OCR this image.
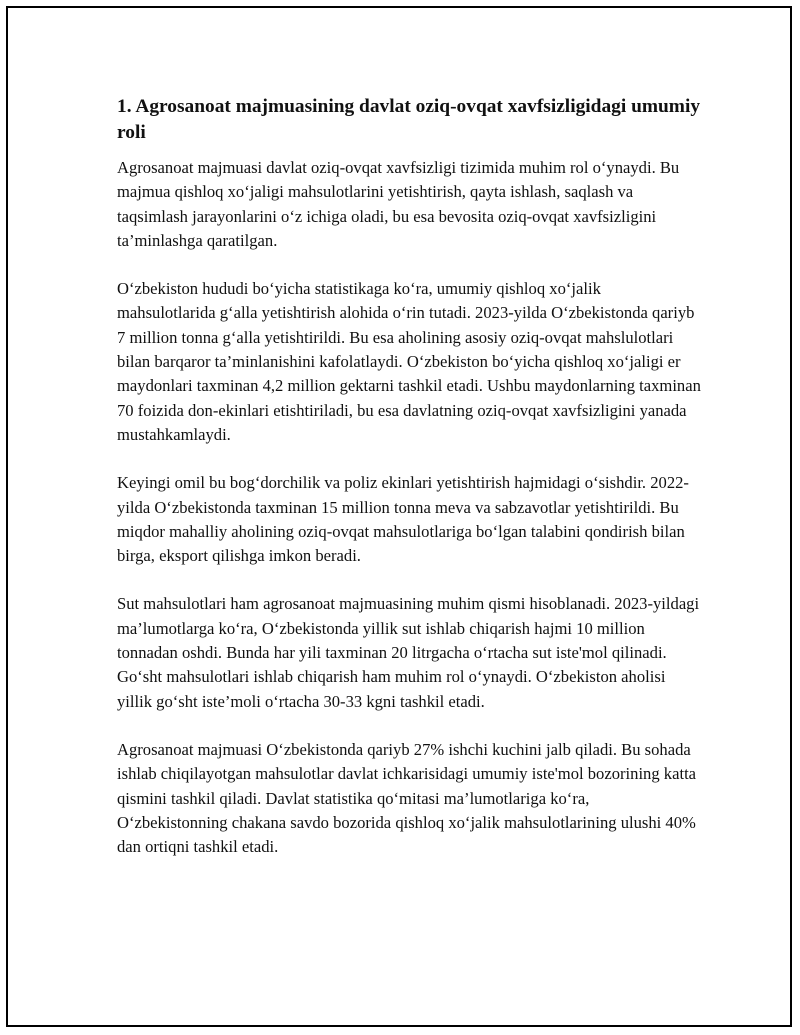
1. Agrosanoat majmuasining davlat oziq-ovqat xavfsizligidagi umumiy roli

Agrosanoat majmuasi davlat oziq-ovqat xavfsizligi tizimida muhim rol o‘ynaydi. Bu majmua qishloq xo‘jaligi mahsulotlarini yetishtirish, qayta ishlash, saqlash va taqsimlash jarayonlarini o‘z ichiga oladi, bu esa bevosita oziq-ovqat xavfsizligini ta’minlashga qaratilgan.

O‘zbekiston hududi bo‘yicha statistikaga ko‘ra, umumiy qishloq xo‘jalik mahsulotlarida g‘alla yetishtirish alohida o‘rin tutadi. 2023-yilda O‘zbekistonda qariyb 7 million tonna g‘alla yetishtirildi. Bu esa aholining asosiy oziq-ovqat mahslulotlari bilan barqaror ta’minlanishini kafolatlaydi. O‘zbekiston bo‘yicha qishloq xo‘jaligi er maydonlari taxminan 4,2 million gektarni tashkil etadi. Ushbu maydonlarning taxminan 70 foizida don-ekinlari etishtiriladi, bu esa davlatning oziq-ovqat xavfsizligini yanada mustahkamlaydi.

Keyingi omil bu bog‘dorchilik va poliz ekinlari yetishtirish hajmidagi o‘sishdir. 2022-yilda O‘zbekistonda taxminan 15 million tonna meva va sabzavotlar yetishtirildi. Bu miqdor mahalliy aholining oziq-ovqat mahsulotlariga bo‘lgan talabini qondirish bilan birga, eksport qilishga imkon beradi.

Sut mahsulotlari ham agrosanoat majmuasining muhim qismi hisoblanadi. 2023-yildagi ma’lumotlarga ko‘ra, O‘zbekistonda yillik sut ishlab chiqarish hajmi 10 million tonnadan oshdi. Bunda har yili taxminan 20 litrgacha o‘rtacha sut iste'mol qilinadi. Go‘sht mahsulotlari ishlab chiqarish ham muhim rol o‘ynaydi. O‘zbekiston aholisi yillik go‘sht iste’moli o‘rtacha 30-33 kgni tashkil etadi.

Agrosanoat majmuasi O‘zbekistonda qariyb 27% ishchi kuchini jalb qiladi. Bu sohada ishlab chiqilayotgan mahsulotlar davlat ichkarisidagi umumiy iste'mol bozorining katta qismini tashkil qiladi. Davlat statistika qo‘mitasi ma’lumotlariga ko‘ra, O‘zbekistonning chakana savdo bozorida qishloq xo‘jalik mahsulotlarining ulushi 40% dan ortiqni tashkil etadi.
